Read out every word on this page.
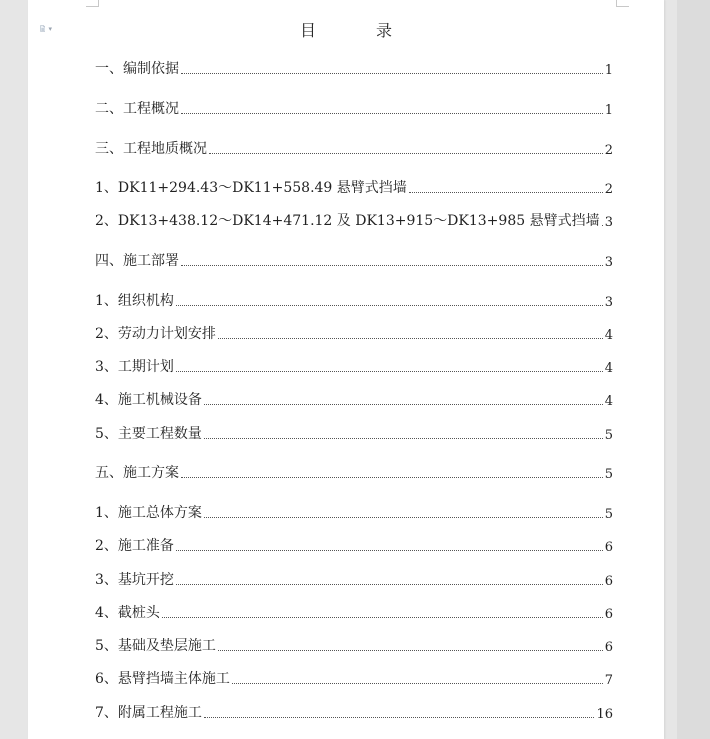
▾	目　录
一、编制依据	1
二、工程概况	1
三、工程地质概况	2
1、DK11+294.43～DK11+558.49 悬臂式挡墙	2
2、DK13+438.12～DK14+471.12 及 DK13+915～DK13+985 悬臂式挡墙 3
四、施工部署	3
1、组织机构	3
2、劳动力计划安排	4
3、工期计划	4
4、施工机械设备	4
5、主要工程数量	5
五、施工方案	5
1、施工总体方案	5
2、施工准备	6
3、基坑开挖	6
4、截桩头	6
5、基础及垫层施工	6
6、悬臂挡墙主体施工	7
7、附属工程施工	16
